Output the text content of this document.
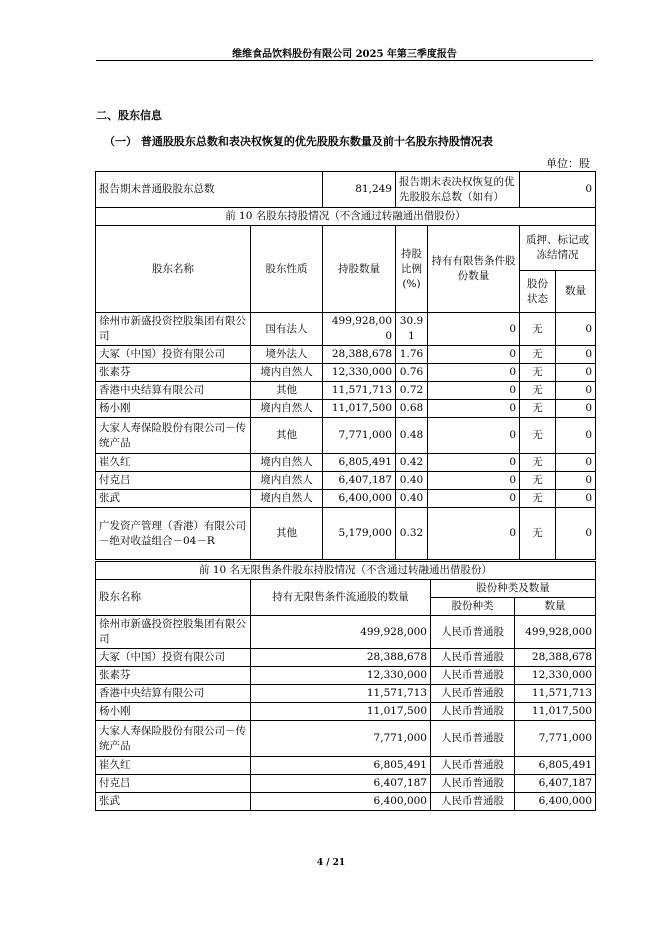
维维食品饮料股份有限公司 2025 年第三季度报告
二、股东信息
（一） 普通股股东总数和表决权恢复的优先股股东数量及前十名股东持股情况表
单位：股
报告期末普通股股东总数		81,249	报告期末表决权恢复的优先股股东总数（如有）		0	
前 10 名股东持股情况（不含通过转融通出借股份）						
股东名称	股东性质	持股数量	持股比例(%)	持有有限售条件股份数量	质押、标记或冻结情况	
					股份状态	数量
徐州市新盛投资控股集团有限公司	国有法人	499,928,000	30.91	0	无	0
大冢（中国）投资有限公司	境外法人	28,388,678	1.76	0	无	0
张素芬	境内自然人	12,330,000	0.76	0	无	0
香港中央结算有限公司	其他	11,571,713	0.72	0	无	0
杨小刚	境内自然人	11,017,500	0.68	0	无	0
大家人寿保险股份有限公司－传统产品	其他	7,771,000	0.48	0	无	0
崔久红	境内自然人	6,805,491	0.42	0	无	0
付克吕	境内自然人	6,407,187	0.40	0	无	0
张武	境内自然人	6,400,000	0.40	0	无	0
广发资产管理（香港）有限公司－绝对收益组合－04－R	其他	5,179,000	0.32	0	无	0
前 10 名无限售条件股东持股情况（不含通过转融通出借股份）			
股东名称	持有无限售条件流通股的数量	股份种类及数量	
		股份种类	数量
徐州市新盛投资控股集团有限公司	499,928,000	人民币普通股	499,928,000
大冢（中国）投资有限公司	28,388,678	人民币普通股	28,388,678
张素芬	12,330,000	人民币普通股	12,330,000
香港中央结算有限公司	11,571,713	人民币普通股	11,571,713
杨小刚	11,017,500	人民币普通股	11,017,500
大家人寿保险股份有限公司－传统产品	7,771,000	人民币普通股	7,771,000
崔久红	6,805,491	人民币普通股	6,805,491
付克吕	6,407,187	人民币普通股	6,407,187
张武	6,400,000	人民币普通股	6,400,000
4 / 21
